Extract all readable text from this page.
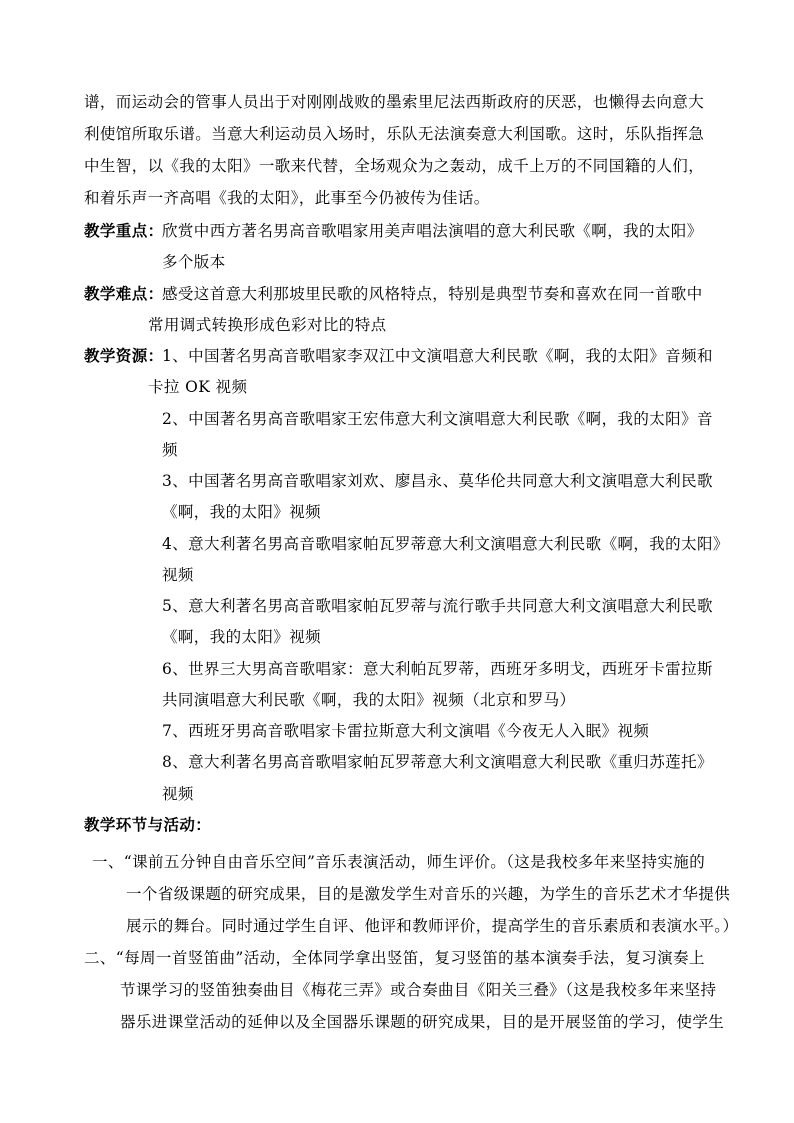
谱，而运动会的管事人员出于对刚刚战败的墨索里尼法西斯政府的厌恶，也懒得去向意大
利使馆所取乐谱。当意大利运动员入场时，乐队无法演奏意大利国歌。这时，乐队指挥急
中生智，以《我的太阳》一歌来代替，全场观众为之轰动，成千上万的不同国籍的人们，
和着乐声一齐高唱《我的太阳》，此事至今仍被传为佳话。
教学重点：
欣赏中西方著名男高音歌唱家用美声唱法演唱的意大利民歌《啊，我的太阳》
多个版本
教学难点：
感受这首意大利那坡里民歌的风格特点，特别是典型节奏和喜欢在同一首歌中
常用调式转换形成色彩对比的特点
教学资源：
1、中国著名男高音歌唱家李双江中文演唱意大利民歌《啊，我的太阳》音频和
卡拉 OK 视频
2、中国著名男高音歌唱家王宏伟意大利文演唱意大利民歌《啊，我的太阳》音
频
3、中国著名男高音歌唱家刘欢、廖昌永、莫华伦共同意大利文演唱意大利民歌
《啊，我的太阳》视频
4、意大利著名男高音歌唱家帕瓦罗蒂意大利文演唱意大利民歌《啊，我的太阳》
视频
5、意大利著名男高音歌唱家帕瓦罗蒂与流行歌手共同意大利文演唱意大利民歌
《啊，我的太阳》视频
6、世界三大男高音歌唱家：意大利帕瓦罗蒂，西班牙多明戈，西班牙卡雷拉斯
共同演唱意大利民歌《啊，我的太阳》视频（北京和罗马）
7、西班牙男高音歌唱家卡雷拉斯意大利文演唱《今夜无人入眠》视频
8、意大利著名男高音歌唱家帕瓦罗蒂意大利文演唱意大利民歌《重归苏莲托》
视频
教学环节与活动：
一、“课前五分钟自由音乐空间”音乐表演活动，师生评价。（这是我校多年来坚持实施的
一个省级课题的研究成果，目的是激发学生对音乐的兴趣，为学生的音乐艺术才华提供
展示的舞台。同时通过学生自评、他评和教师评价，提高学生的音乐素质和表演水平。）
二、“每周一首竖笛曲”活动，全体同学拿出竖笛，复习竖笛的基本演奏手法，复习演奏上
节课学习的竖笛独奏曲目《梅花三弄》或合奏曲目《阳关三叠》（这是我校多年来坚持
器乐进课堂活动的延伸以及全国器乐课题的研究成果，目的是开展竖笛的学习，使学生
